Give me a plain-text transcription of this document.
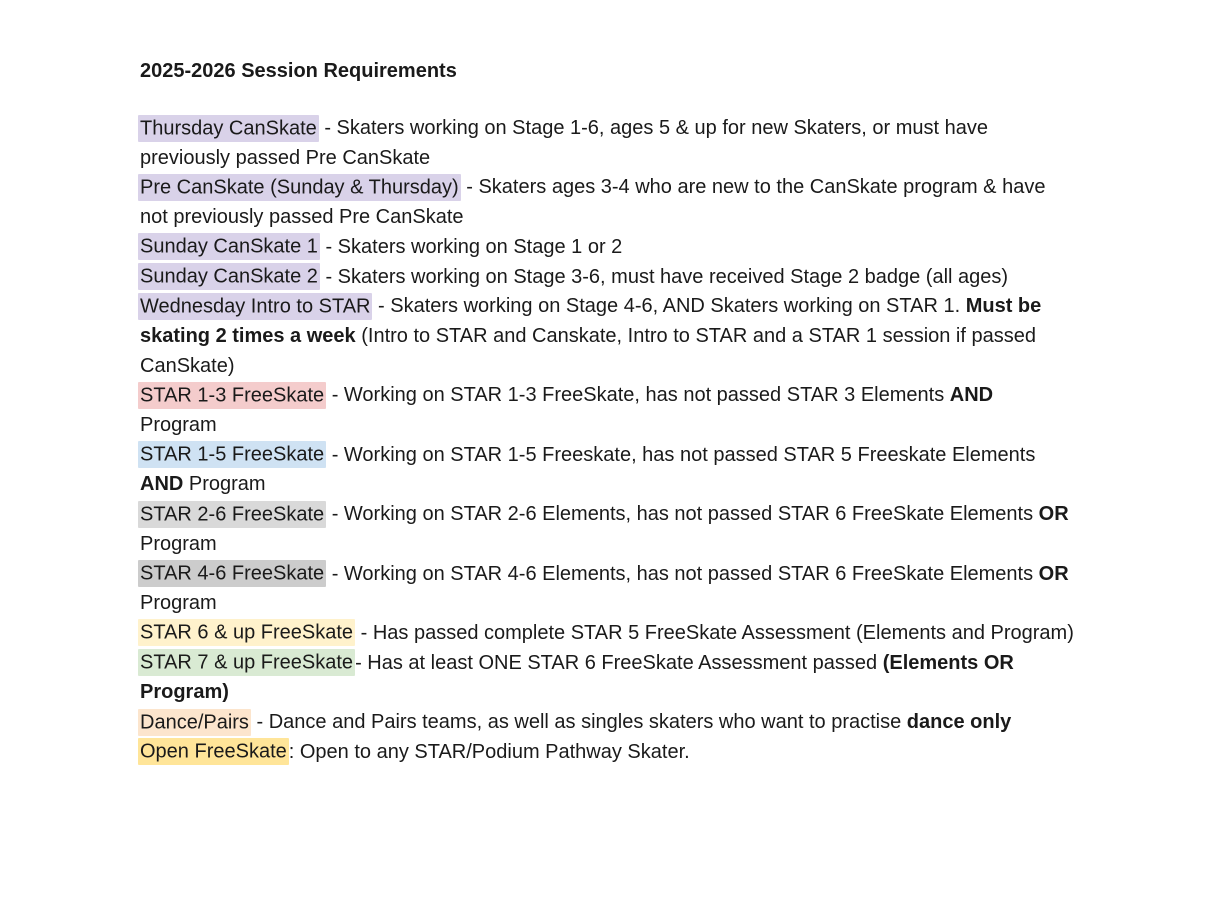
2025-2026 Session Requirements

Thursday CanSkate - Skaters working on Stage 1-6, ages 5 & up for new Skaters, or must have previously passed Pre CanSkate

Pre CanSkate (Sunday & Thursday) - Skaters ages 3-4 who are new to the CanSkate program & have not previously passed Pre CanSkate

Sunday CanSkate 1 - Skaters working on Stage 1 or 2

Sunday CanSkate 2 - Skaters working on Stage 3-6, must have received Stage 2 badge (all ages)

Wednesday Intro to STAR - Skaters working on Stage 4-6, AND Skaters working on STAR 1. Must be skating 2 times a week (Intro to STAR and Canskate, Intro to STAR and a STAR 1 session if passed CanSkate)

STAR 1-3 FreeSkate - Working on STAR 1-3 FreeSkate, has not passed STAR 3 Elements AND Program

STAR 1-5 FreeSkate - Working on STAR 1-5 Freeskate, has not passed STAR 5 Freeskate Elements AND Program

STAR 2-6 FreeSkate - Working on STAR 2-6 Elements, has not passed STAR 6 FreeSkate Elements OR Program

STAR 4-6 FreeSkate - Working on STAR 4-6 Elements, has not passed STAR 6 FreeSkate Elements OR Program

STAR 6 & up FreeSkate - Has passed complete STAR 5 FreeSkate Assessment (Elements and Program)

STAR 7 & up FreeSkate - Has at least ONE STAR 6 FreeSkate Assessment passed (Elements OR Program)

Dance/Pairs - Dance and Pairs teams, as well as singles skaters who want to practise dance only

Open FreeSkate : Open to any STAR/Podium Pathway Skater.
